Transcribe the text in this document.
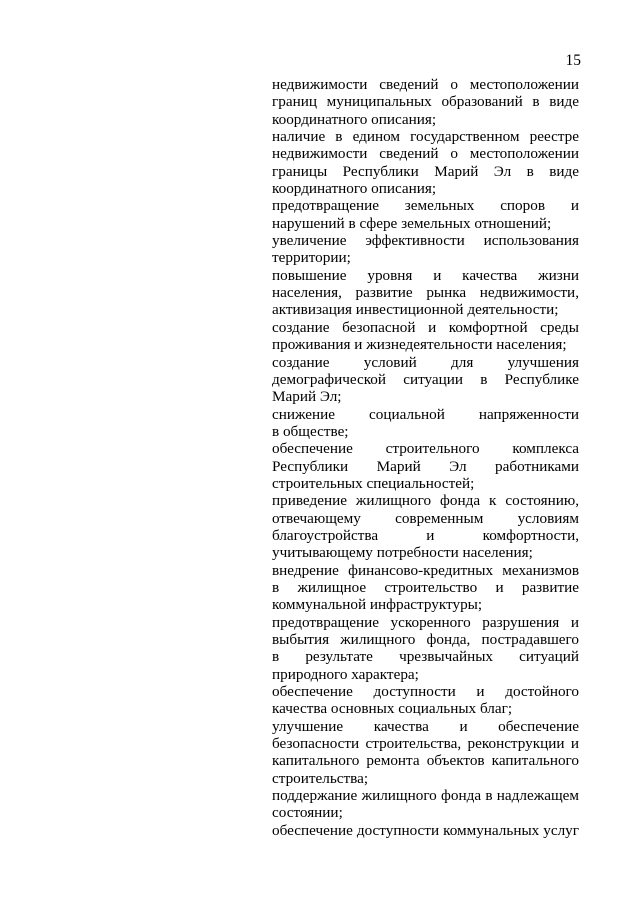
15
недвижимости сведений о местоположении
границ муниципальных образований в виде
координатного описания;
наличие в едином государственном реестре
недвижимости сведений о местоположении
границы Республики Марий Эл в виде
координатного описания;
предотвращение земельных споров и
нарушений в сфере земельных отношений;
увеличение эффективности использования
территории;
повышение уровня и качества жизни
населения, развитие рынка недвижимости,
активизация инвестиционной деятельности;
создание безопасной и комфортной среды
проживания и жизнедеятельности населения;
создание условий для улучшения
демографической ситуации в Республике
Марий Эл;
снижение социальной напряженности
в обществе;
обеспечение строительного комплекса
Республики Марий Эл работниками
строительных специальностей;
приведение жилищного фонда к состоянию,
отвечающему современным условиям
благоустройства и комфортности,
учитывающему потребности населения;
внедрение финансово-кредитных механизмов
в жилищное строительство и развитие
коммунальной инфраструктуры;
предотвращение ускоренного разрушения и
выбытия жилищного фонда, пострадавшего
в результате чрезвычайных ситуаций
природного характера;
обеспечение доступности и достойного
качества основных социальных благ;
улучшение качества и обеспечение
безопасности строительства, реконструкции и
капитального ремонта объектов капитального
строительства;
поддержание жилищного фонда в надлежащем
состоянии;
обеспечение доступности коммунальных услуг
